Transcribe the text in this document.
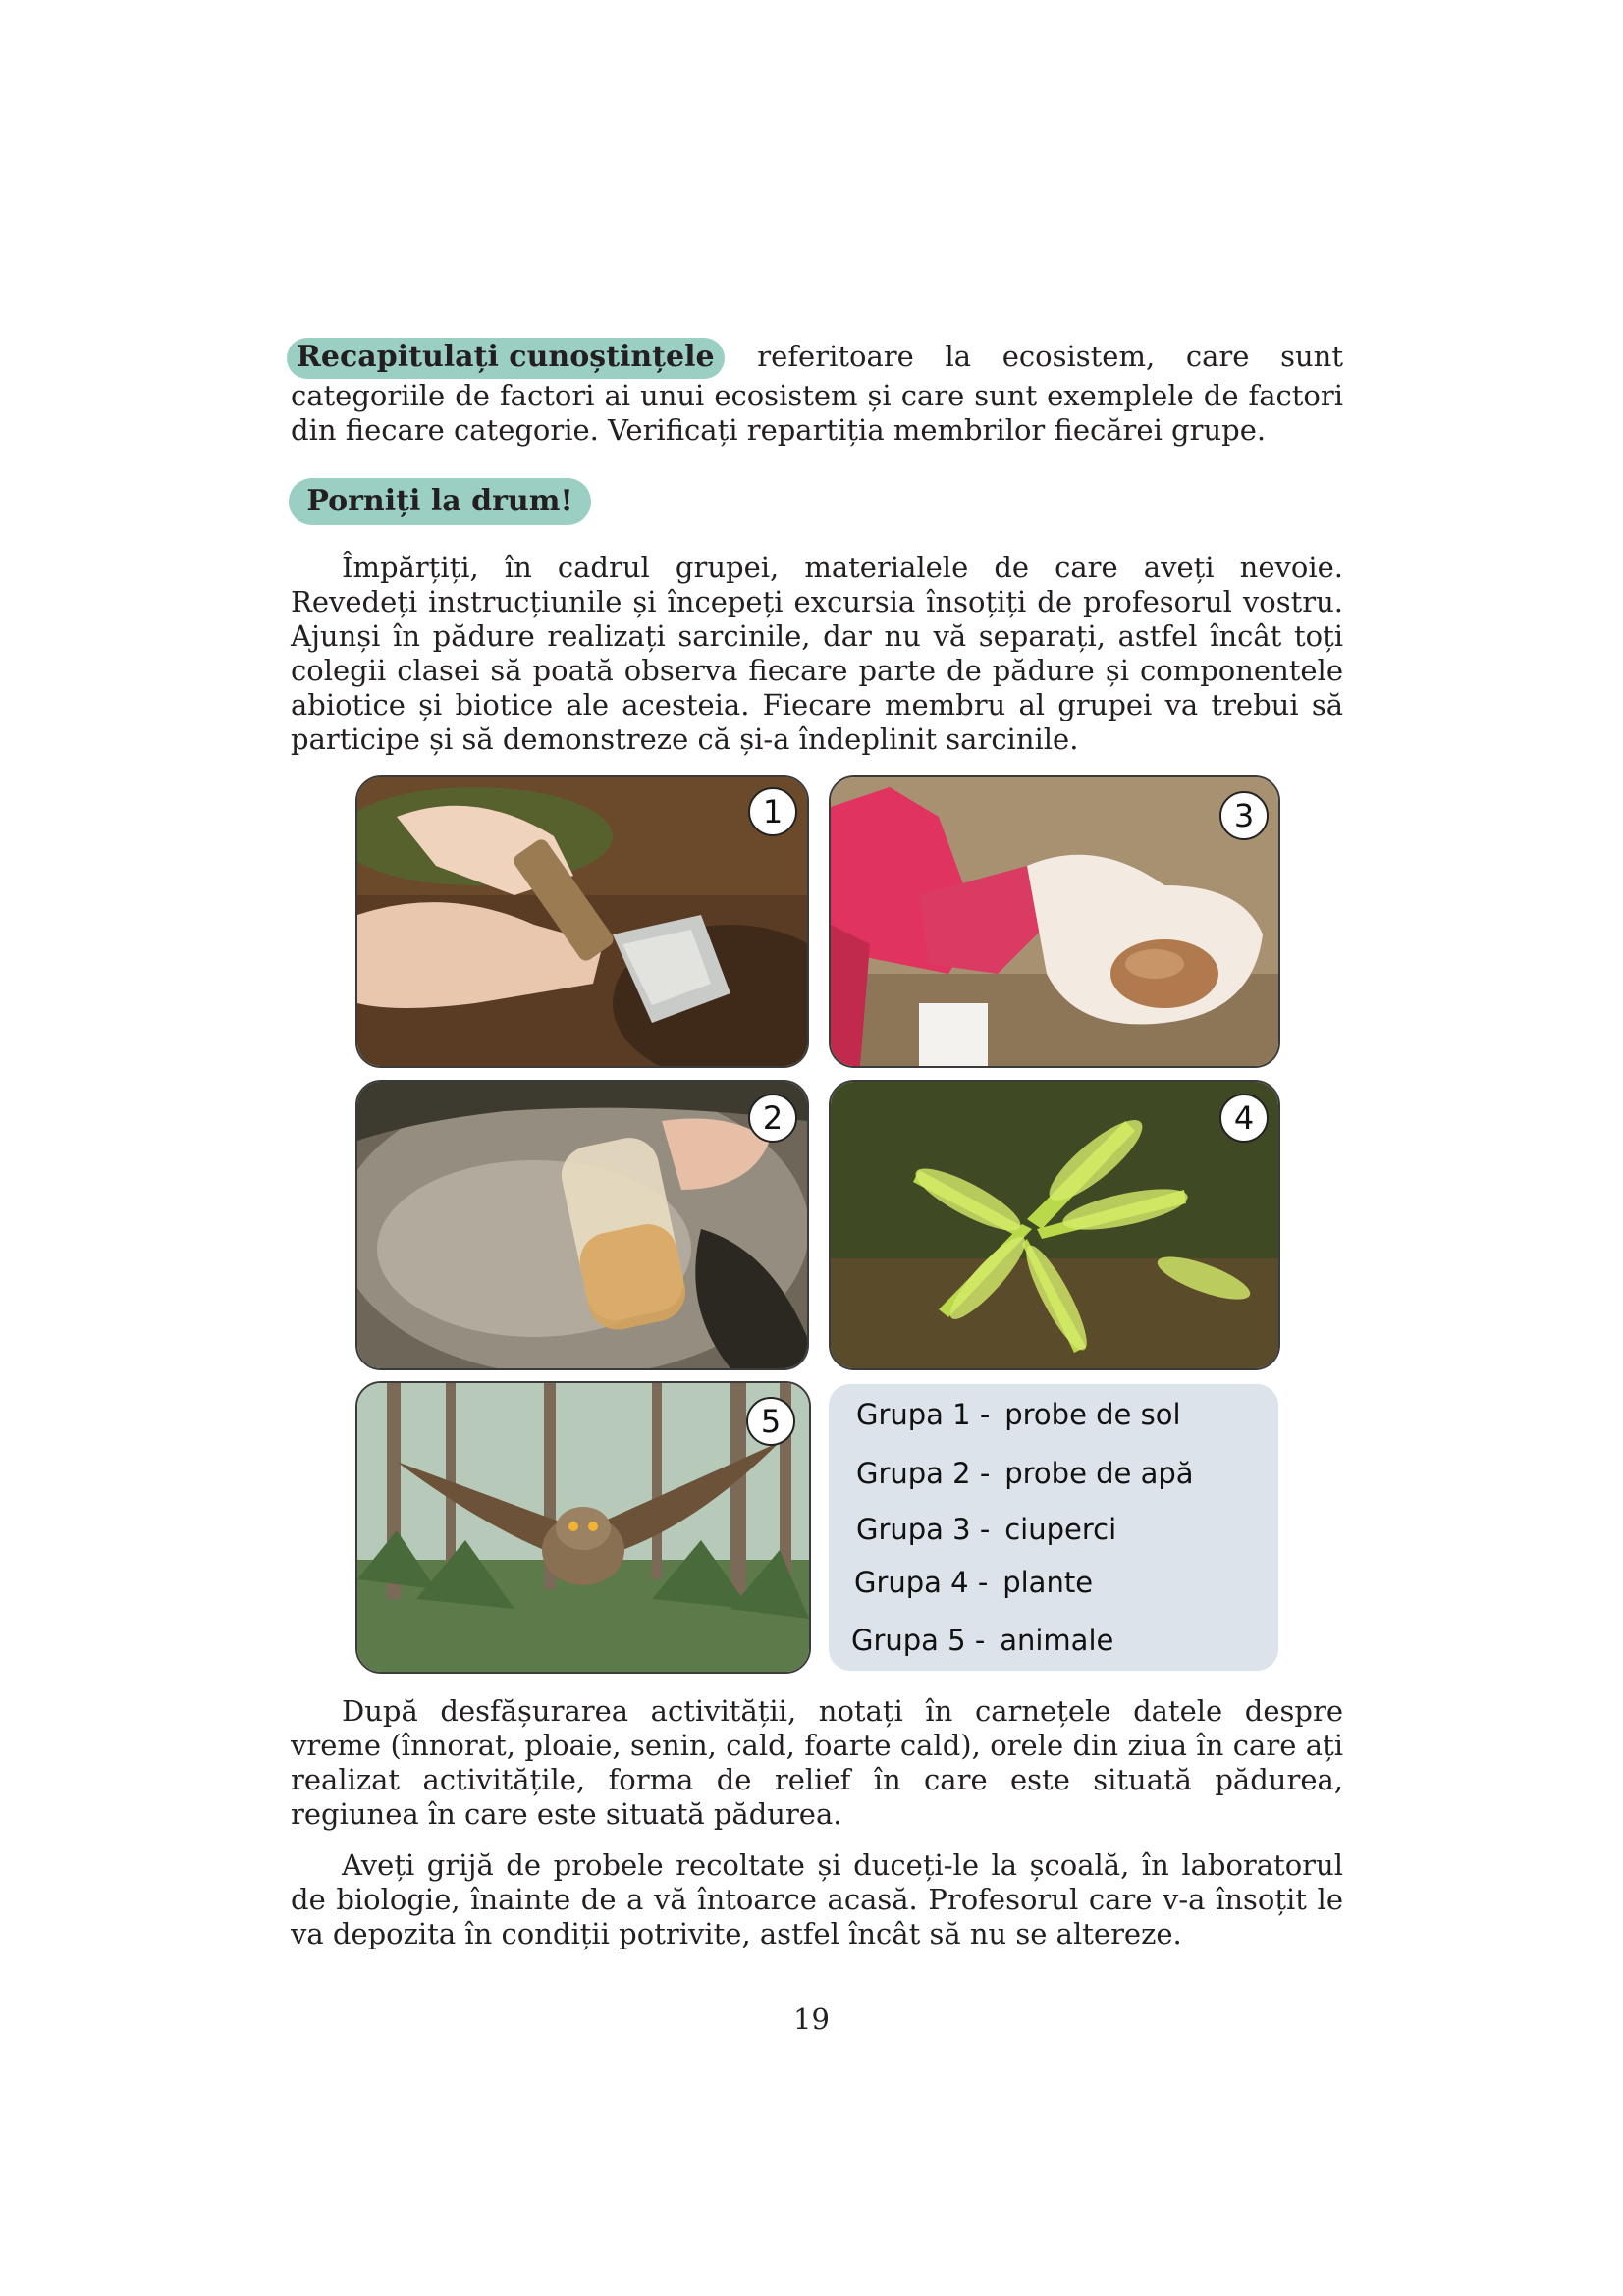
Recapitulați cunoștințele referitoare la ecosistem, care sunt categoriile de factori ai unui ecosistem și care sunt exemplele de factori din fiecare categorie. Verificați repartiția membrilor fiecărei grupe.

Porniți la drum!

Împărțiți, în cadrul grupei, materialele de care aveți nevoie. Revedeți instrucțiunile și începeți excursia însoțiți de profesorul vostru. Ajunși în pădure realizați sarcinile, dar nu vă separați, astfel încât toți colegii clasei să poată observa fiecare parte de pădure și componentele abiotice și biotice ale acesteia. Fiecare membru al grupei va trebui să participe și să demonstreze că și-a îndeplinit sarcinile.

1	3
2	4
5	Grupa 1 - probe de sol
Grupa 2 - probe de apă
Grupa 3 - ciuperci
Grupa 4 - plante
Grupa 5 - animale

După desfășurarea activității, notați în carnețele datele despre vreme (înnorat, ploaie, senin, cald, foarte cald), orele din ziua în care ați realizat activitățile, forma de relief în care este situată pădurea, regiunea în care este situată pădurea.

Aveți grijă de probele recoltate și duceți-le la școală, în laboratorul de biologie, înainte de a vă întoarce acasă. Profesorul care v-a însoțit le va depozita în condiții potrivite, astfel încât să nu se altereze.

19
